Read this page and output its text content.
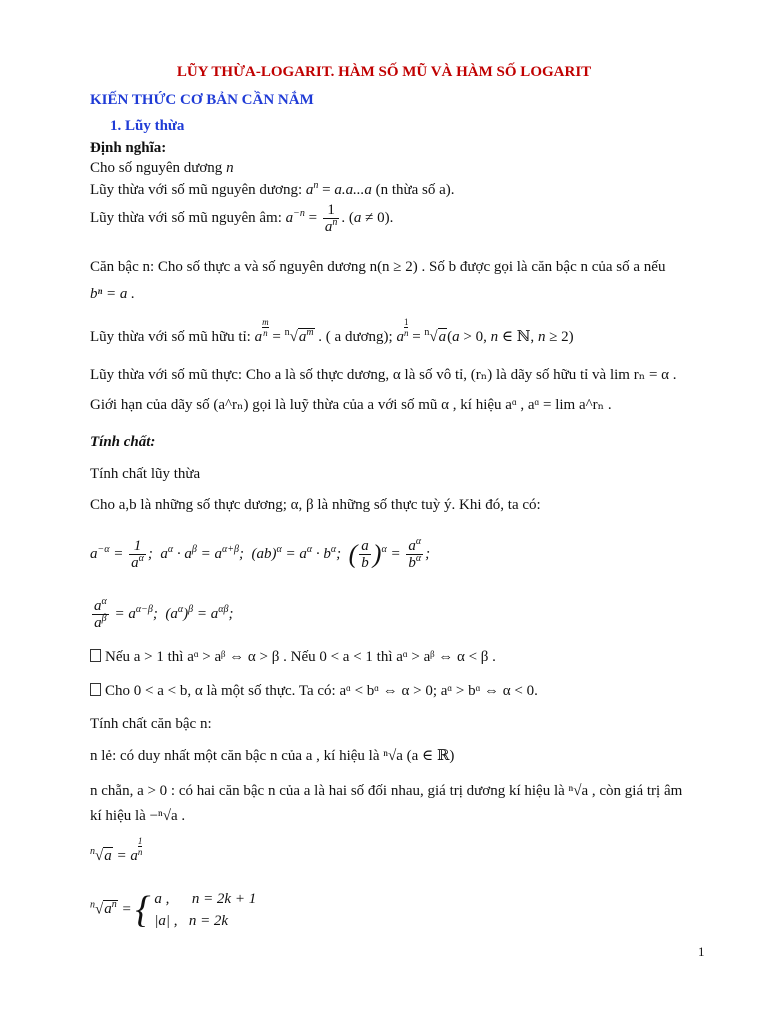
LŨY THỪA-LOGARIT. HÀM SỐ MŨ VÀ HÀM SỐ LOGARIT
KIẾN THỨC CƠ BẢN CẦN NẮM
1. Lũy thừa
Định nghĩa:
Cho số nguyên dương n
Lũy thừa với số mũ nguyên dương: $a^n = a.a...a$ (n thừa số a).
Lũy thừa với số mũ nguyên âm: $a^{-n} = \frac{1}{a^n}$ . (a ≠ 0).
Căn bậc n: Cho số thực a và số nguyên dương n(n ≥ 2) . Số b được gọi là căn bậc n của số a nếu
bⁿ = a .
Lũy thừa với số mũ hữu tỉ: a $\frac{m}{n} = ^n√a^m$ . ( a dương); a $\frac{1}{n} = ^n√a(a > 0$, n ∈ ℕ, n ≥ 2)
Lũy thừa với số mũ thực: Cho a là số thực dương, α là số vô tỉ, (rₙ) là dãy số hữu tỉ và lim rₙ = α .
Giới hạn của dãy số (a^rₙ) gọi là luỹ thừa của a với số mũ α , kí hiệu aᵅ , aᵅ = lim a^rₙ .
Tính chất:
Tính chất lũy thừa
Cho a,b là những số thực dương; α, β là những số thực tuỳ ý. Khi đó, ta có:
$a^{-\alpha} = \frac{1}{a^\alpha}$ ;  $a^\alpha \cdot a^\beta = a^{\alpha+\beta}$;  $(ab)^\alpha = a^\alpha \cdot b^\alpha$;  ( $\frac{a}{b} )^\alpha = \frac{a^\alpha}{b^\alpha}$ ;
$\frac{a^\alpha}{a^\beta} = a^{\alpha-\beta}$;  $(a^\alpha)^\beta = a^{\alpha\beta}$;
Nếu a > 1 thì aᵅ > aᵝ ⇔ α > β . Nếu 0 < a < 1 thì aᵅ > aᵝ ⇔ α < β .
Cho 0 < a < b, α là một số thực. Ta có: aᵅ < bᵅ ⇔ α > 0; aᵅ > bᵅ ⇔ α < 0.
Tính chất căn bậc n:
n lẻ: có duy nhất một căn bậc n của a , kí hiệu là ⁿ√a (a ∈ ℝ)
n chẵn, a > 0 : có hai căn bậc n của a là hai số đối nhau, giá trị dương kí hiệu là ⁿ√a , còn giá trị âm
kí hiệu là −ⁿ√a .
$^n$√a = a $\frac{1}{n}$
$^n√a^n$ = { a ,      n = 2k + 1
|a| ,   n = 2k
1
